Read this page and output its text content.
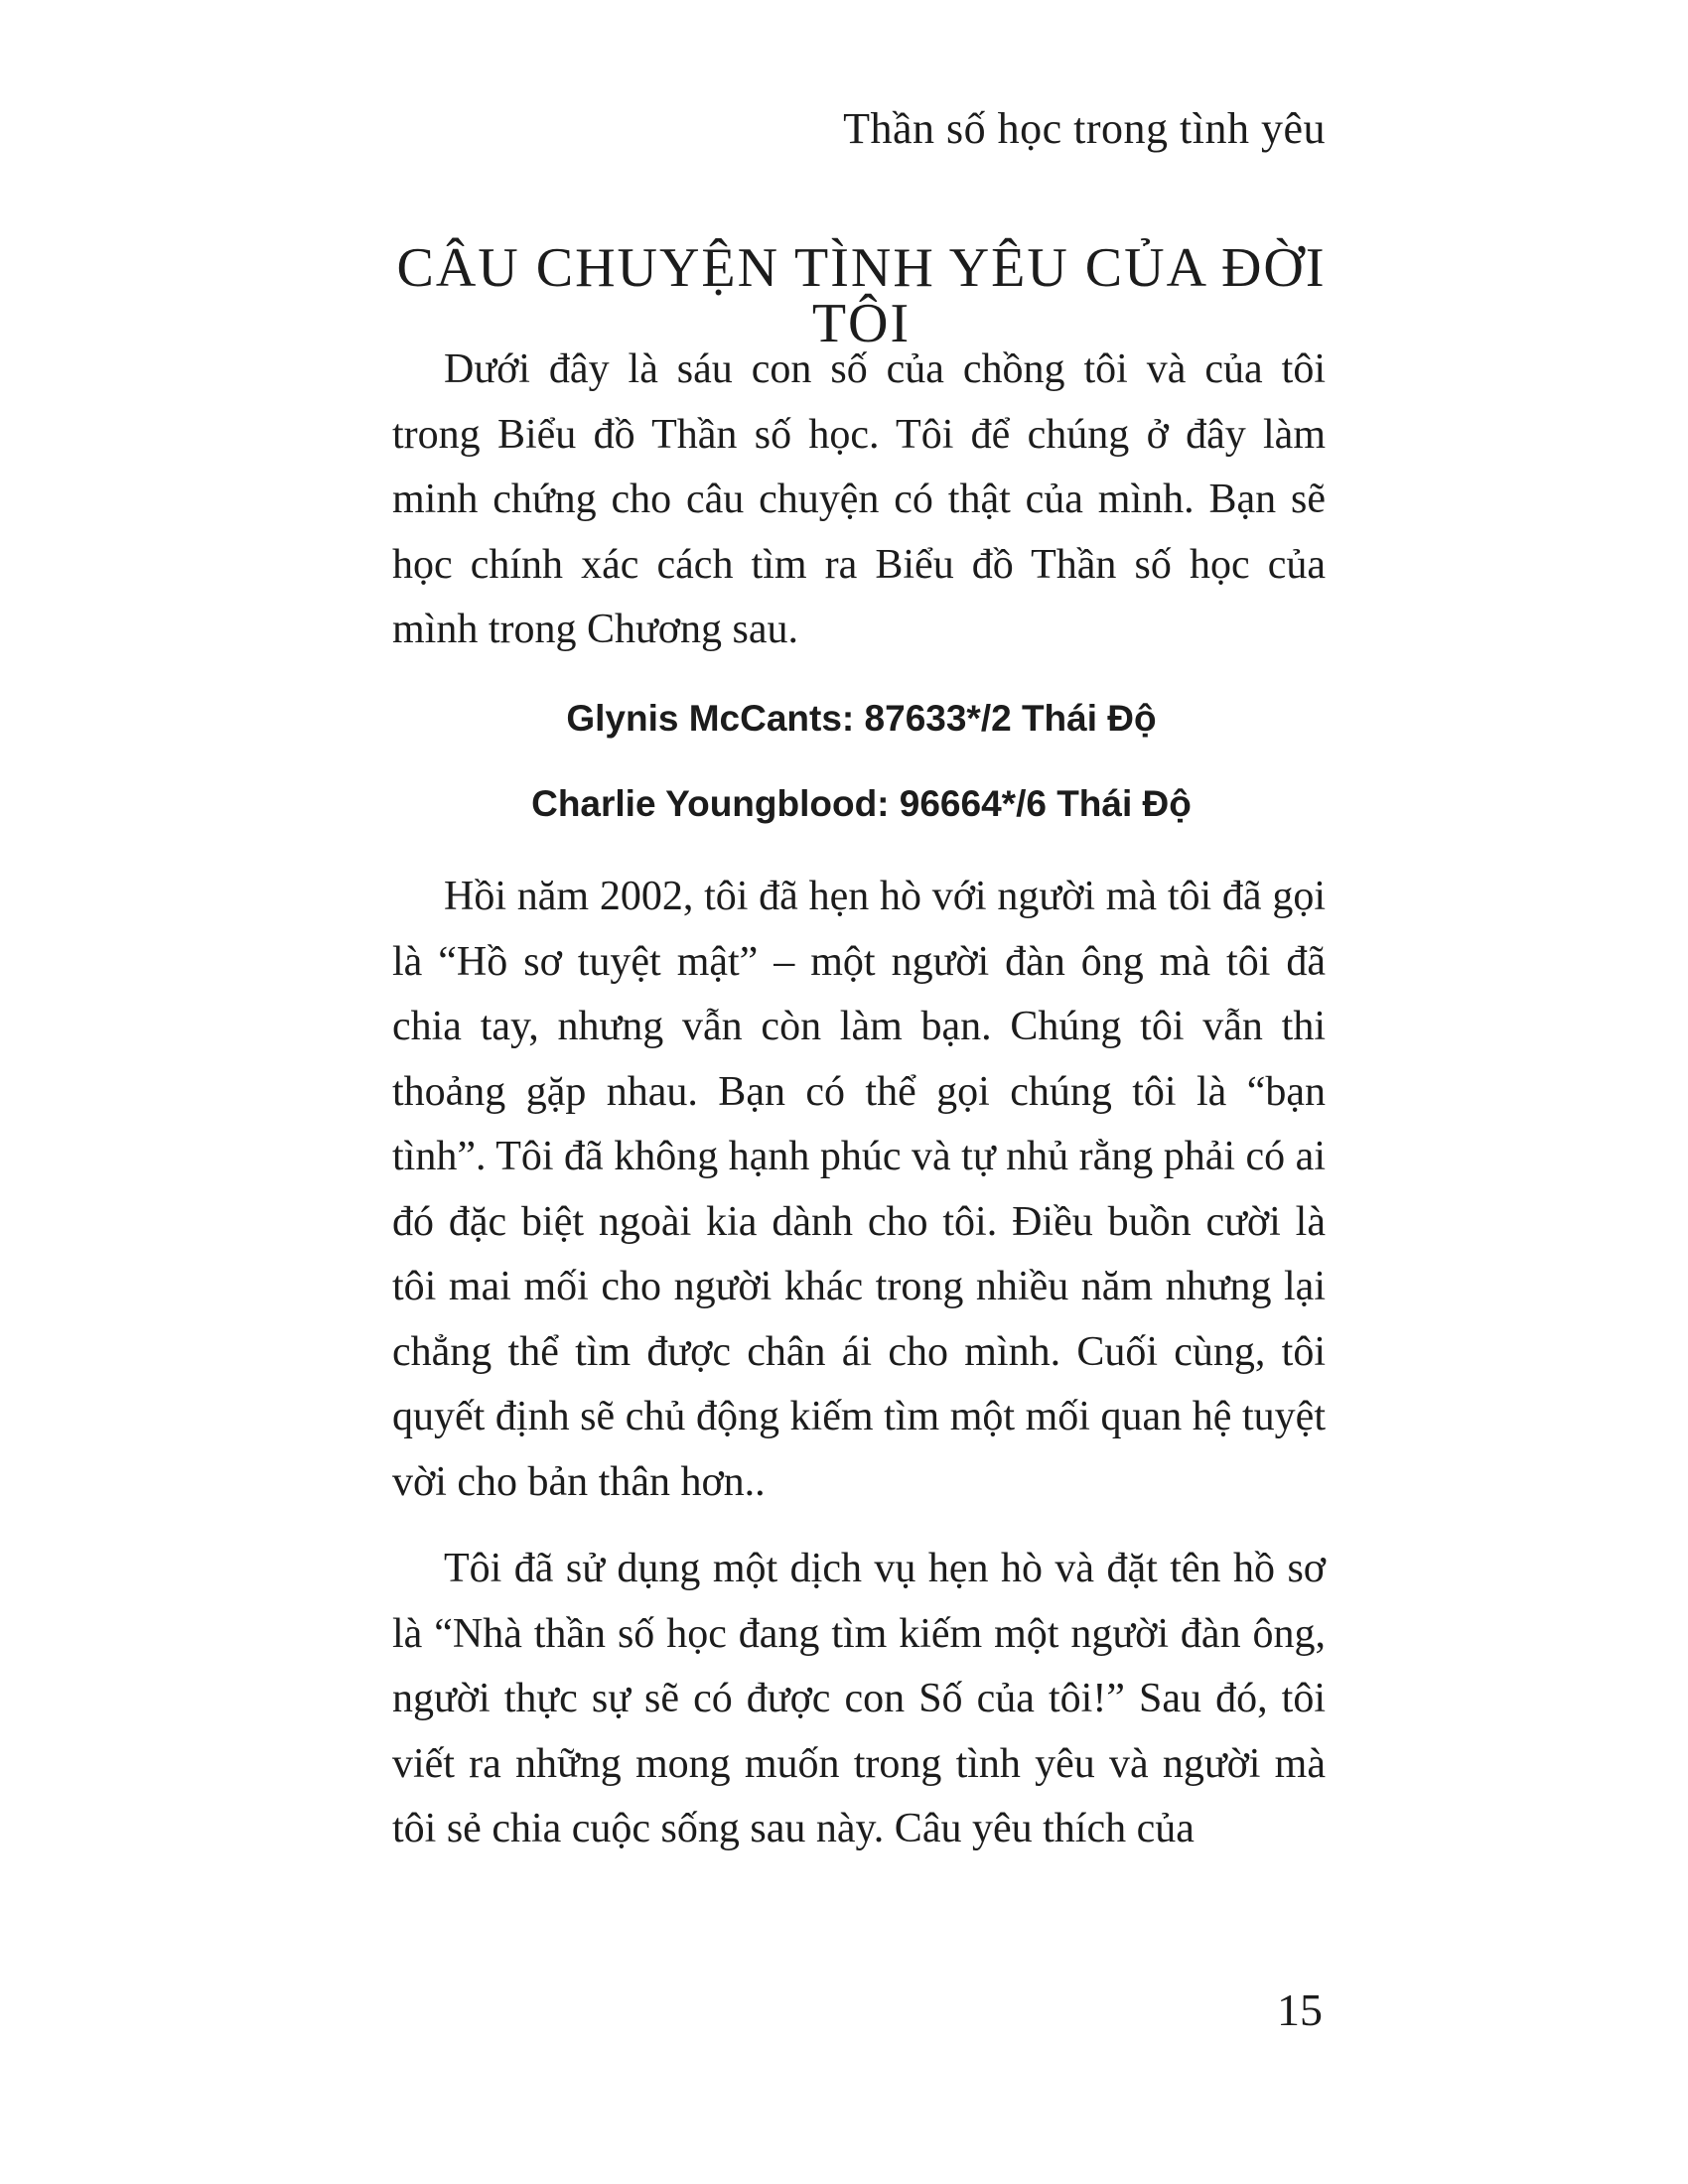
Thần số học trong tình yêu
CÂU CHUYỆN TÌNH YÊU CỦA ĐỜI TÔI

Dưới đây là sáu con số của chồng tôi và của tôi trong Biểu đồ Thần số học. Tôi để chúng ở đây làm minh chứng cho câu chuyện có thật của mình. Bạn sẽ học chính xác cách tìm ra Biểu đồ Thần số học của mình trong Chương sau.

Glynis McCants: 87633*/2 Thái Độ
Charlie Youngblood: 96664*/6 Thái Độ

Hồi năm 2002, tôi đã hẹn hò với người mà tôi đã gọi là “Hồ sơ tuyệt mật” – một người đàn ông mà tôi đã chia tay, nhưng vẫn còn làm bạn. Chúng tôi vẫn thi thoảng gặp nhau. Bạn có thể gọi chúng tôi là “bạn tình”. Tôi đã không hạnh phúc và tự nhủ rằng phải có ai đó đặc biệt ngoài kia dành cho tôi. Điều buồn cười là tôi mai mối cho người khác trong nhiều năm nhưng lại chẳng thể tìm được chân ái cho mình. Cuối cùng, tôi quyết định sẽ chủ động kiếm tìm một mối quan hệ tuyệt vời cho bản thân hơn..

Tôi đã sử dụng một dịch vụ hẹn hò và đặt tên hồ sơ là “Nhà thần số học đang tìm kiếm một người đàn ông, người thực sự sẽ có được con Số của tôi!” Sau đó, tôi viết ra những mong muốn trong tình yêu và người mà tôi sẻ chia cuộc sống sau này. Câu yêu thích của

15
